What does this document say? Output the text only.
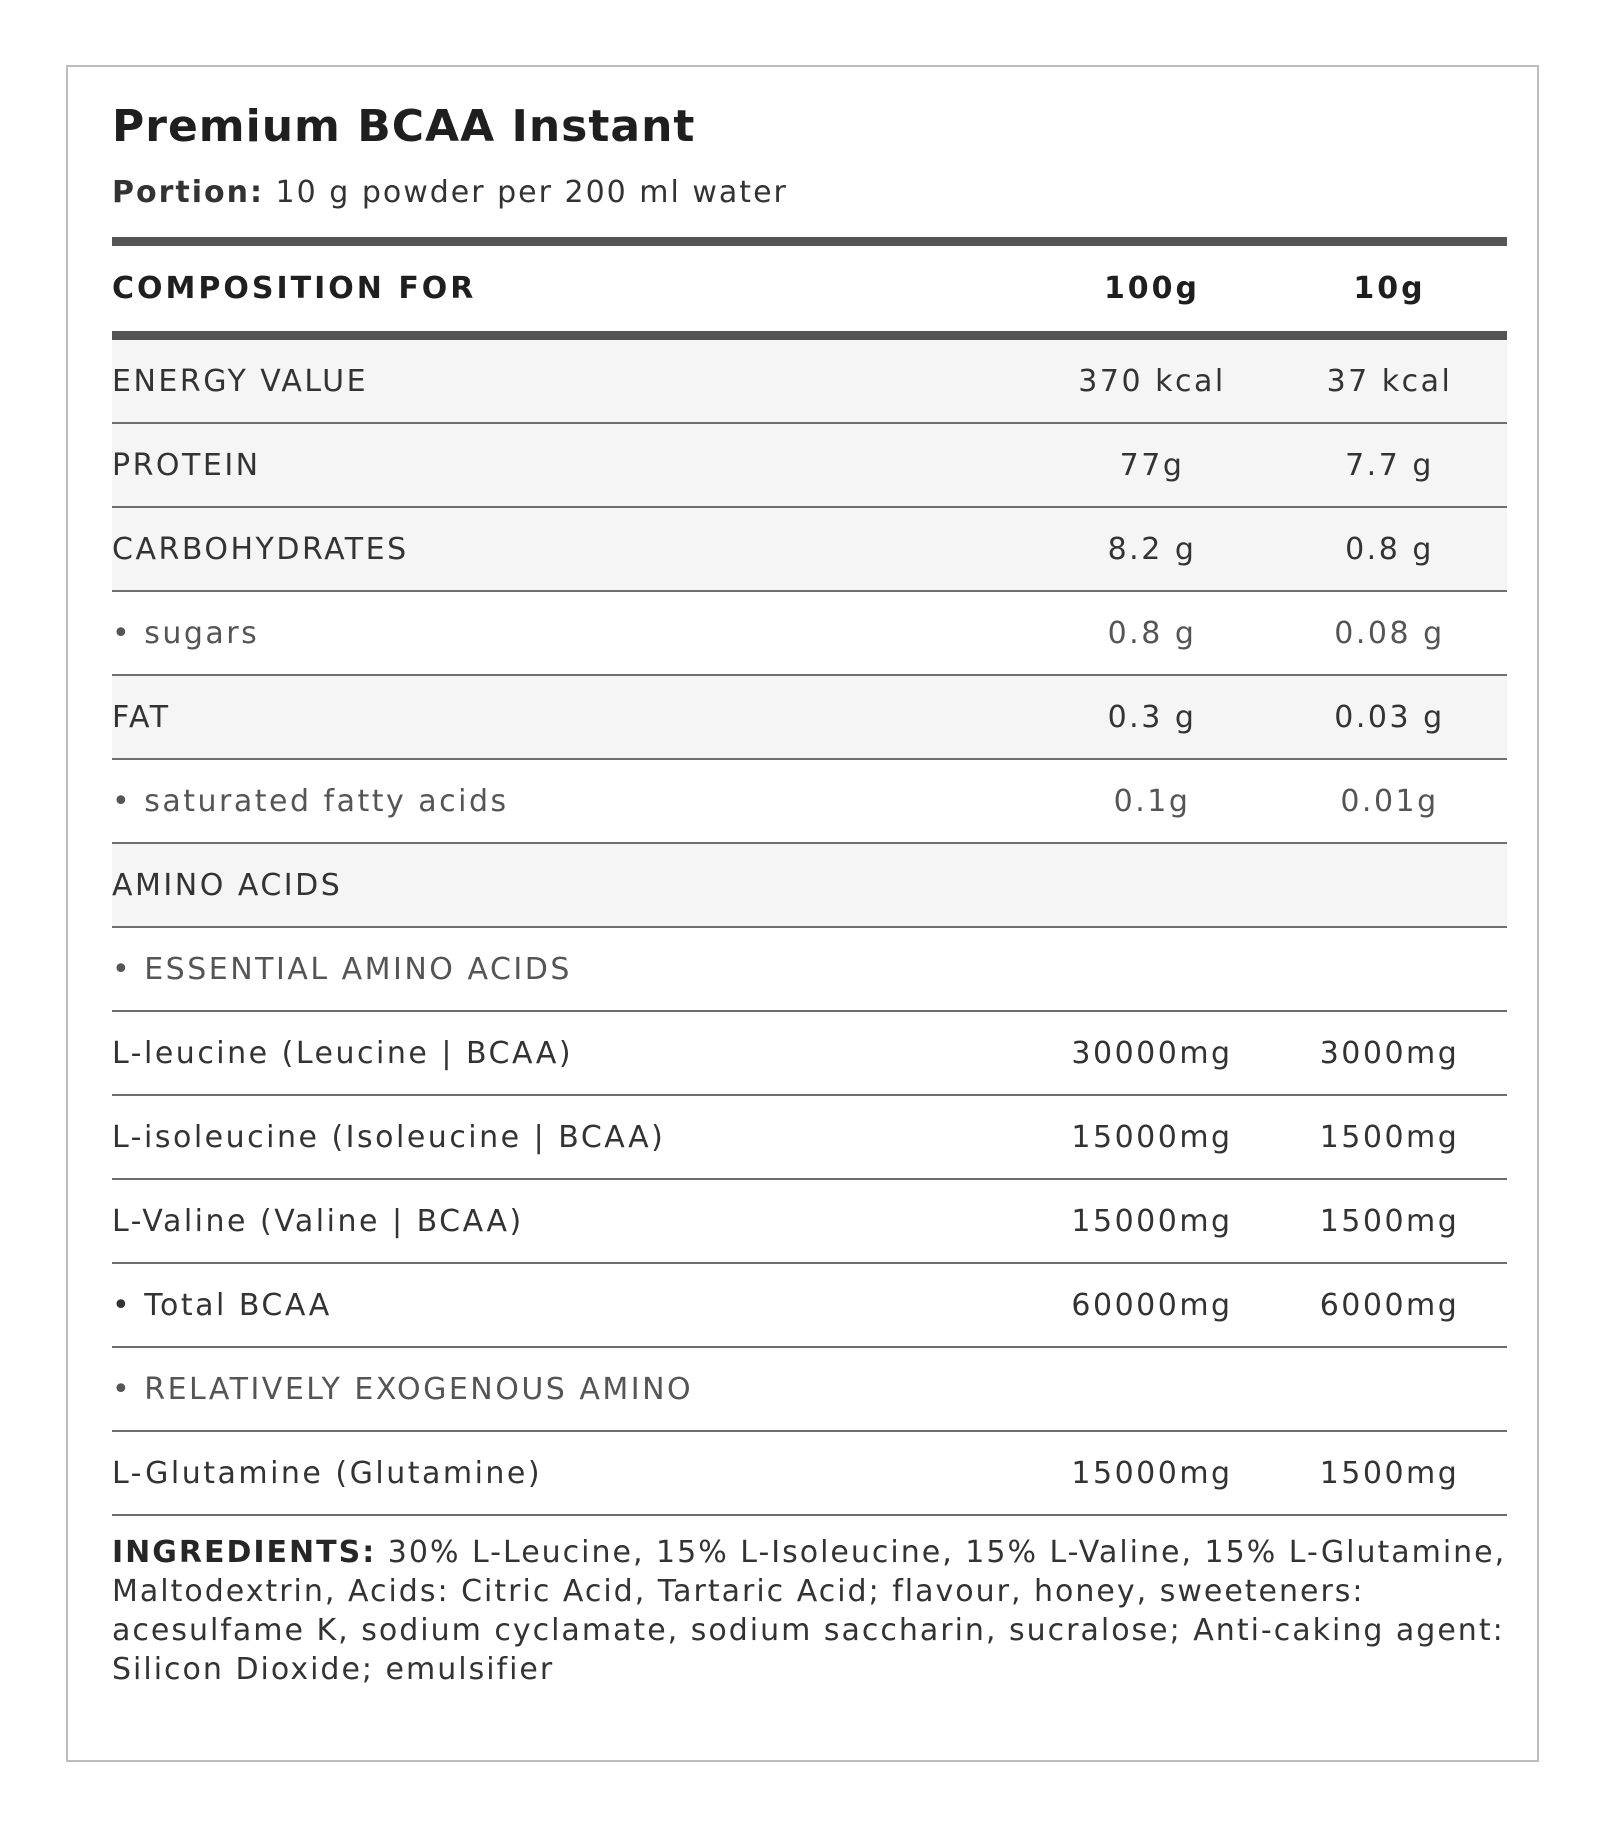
Premium BCAA Instant
Portion: 10 g powder per 200 ml water
COMPOSITION FOR	100g	10g
ENERGY VALUE	370 kcal	37 kcal
PROTEIN	77g	7.7 g
CARBOHYDRATES	8.2 g	0.8 g
• sugars	0.8 g	0.08 g
FAT	0.3 g	0.03 g
• saturated fatty acids	0.1g	0.01g
AMINO ACIDS
• ESSENTIAL AMINO ACIDS
L-leucine (Leucine | BCAA)	30000mg	3000mg
L-isoleucine (Isoleucine | BCAA)	15000mg	1500mg
L-Valine (Valine | BCAA)	15000mg	1500mg
• Total BCAA	60000mg	6000mg
• RELATIVELY EXOGENOUS AMINO
L-Glutamine (Glutamine)	15000mg	1500mg
INGREDIENTS: 30% L-Leucine, 15% L-Isoleucine, 15% L-Valine, 15% L-Glutamine, Maltodextrin, Acids: Citric Acid, Tartaric Acid; flavour, honey, sweeteners: acesulfame K, sodium cyclamate, sodium saccharin, sucralose; Anti-caking agent: Silicon Dioxide; emulsifier
